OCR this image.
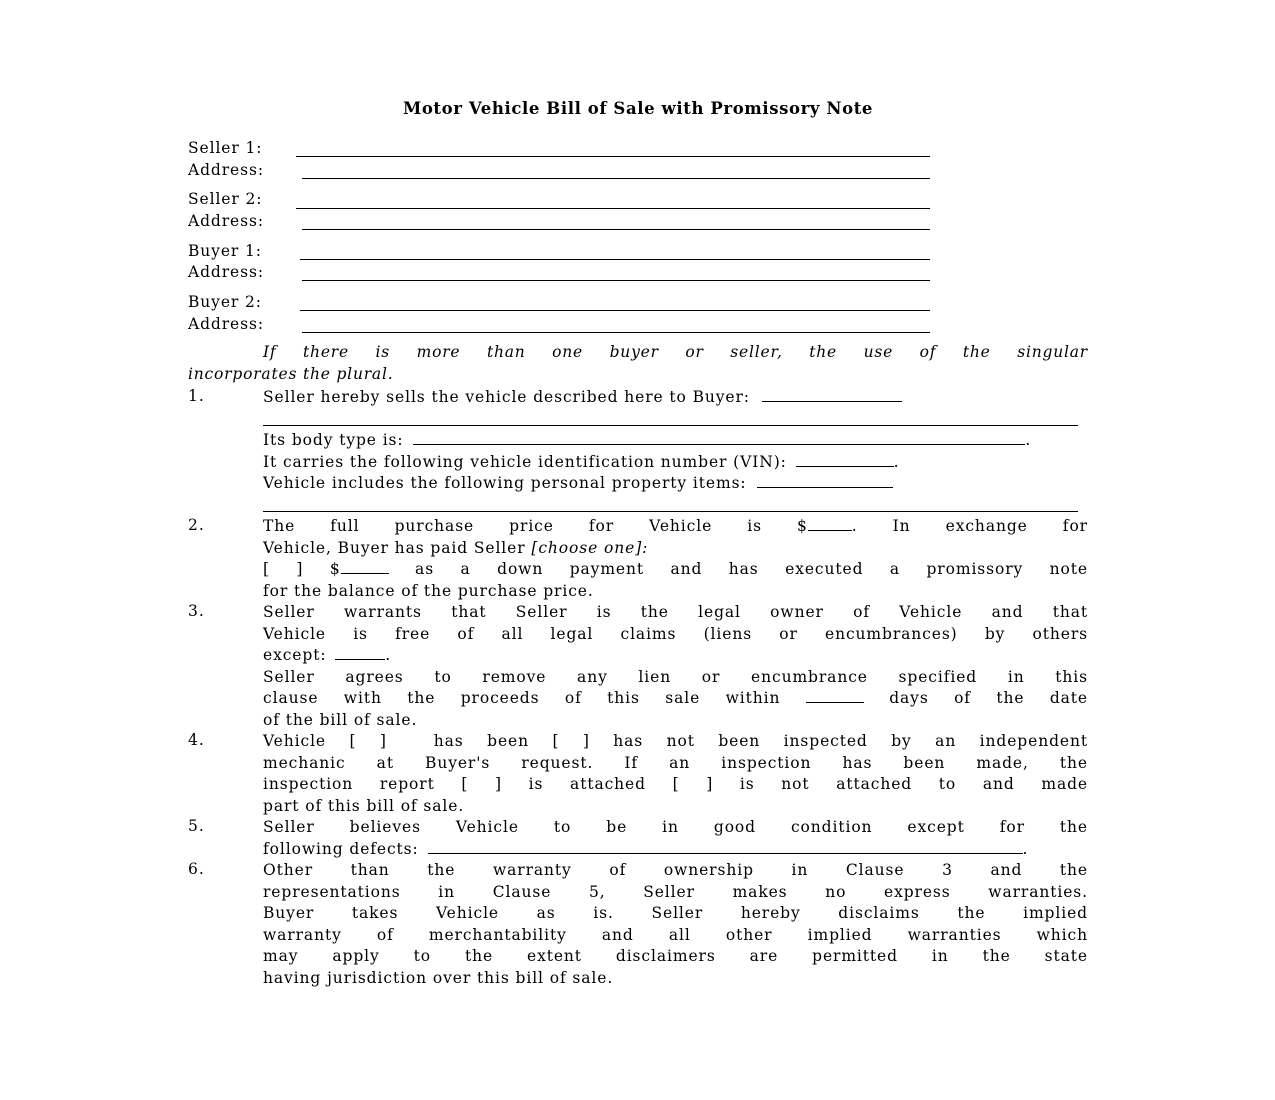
Motor Vehicle Bill of Sale with Promissory Note
Seller 1:
Address:
Seller 2:
Address:
Buyer 1:
Address:
Buyer 2:
Address:
If there is more than one buyer or seller, the use of the singular
incorporates the plural.
1.	Seller hereby sells the vehicle described here to Buyer:
Its body type is:	.
It carries the following vehicle identification number (VIN):	.
Vehicle includes the following personal property items:
2.	The full purchase price for Vehicle is $	. In exchange for
Vehicle, Buyer has paid Seller [choose one]:
[ ] $	as a down payment and has executed a promissory note
for the balance of the purchase price.
3.	Seller warrants that Seller is the legal owner of Vehicle and that
Vehicle is free of all legal claims (liens or encumbrances) by others
except:	.
Seller agrees to remove any lien or encumbrance specified in this
clause with the proceeds of this sale within	days of the date
of the bill of sale.
4.	Vehicle [ ]  has been [ ] has not been inspected by an independent
mechanic at Buyer's request. If an inspection has been made, the
inspection report [ ] is attached [ ] is not attached to and made
part of this bill of sale.
5.	Seller believes Vehicle to be in good condition except for the
following defects:	.
6.	Other than the warranty of ownership in Clause 3 and the
representations in Clause 5, Seller makes no express warranties.
Buyer takes Vehicle as is. Seller hereby disclaims the implied
warranty of merchantability and all other implied warranties which
may apply to the extent disclaimers are permitted in the state
having jurisdiction over this bill of sale.
